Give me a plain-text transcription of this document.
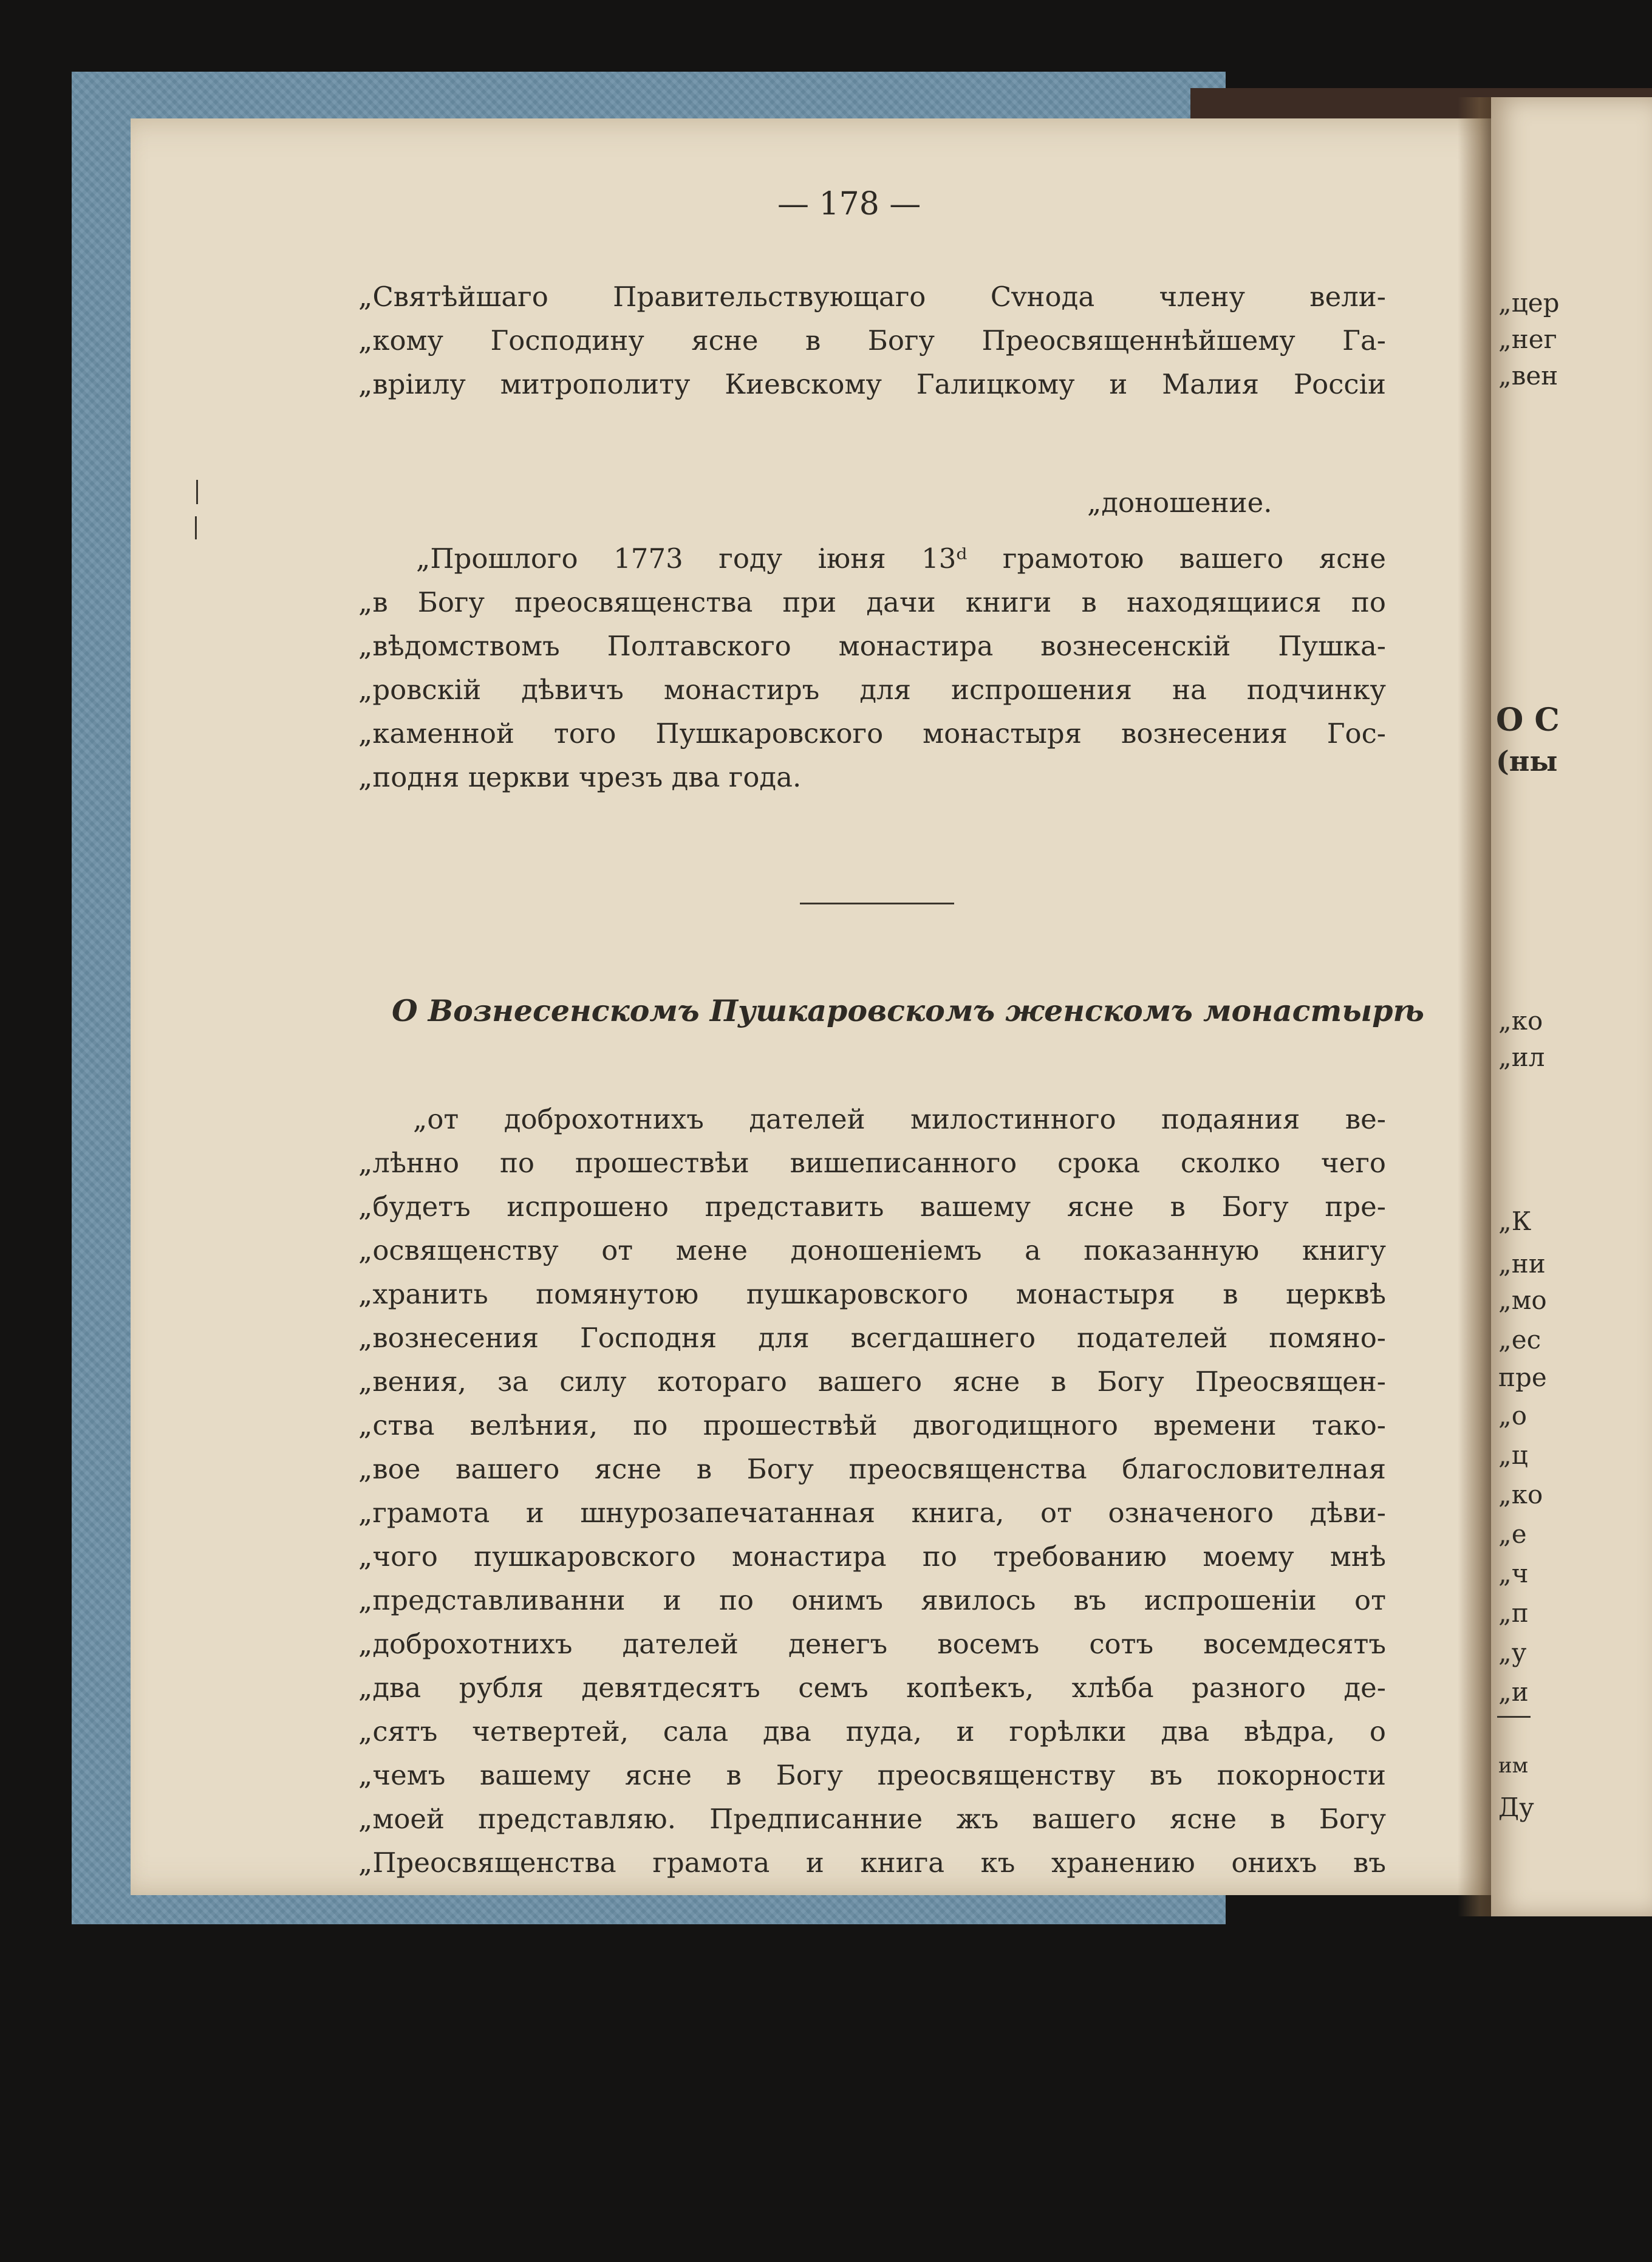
„цер
„нег
„вен
О С
(ны
„ко
„ил
„К
„ни
„мо
„ес
пре
„о
„ц
„ко
„е
„ч
„п
„у
„и
им
Ду
— 178 —
„Святѣйшаго Правительствующаго Сvнода члену вели-
„кому Господину ясне в Богу Преосвященнѣйшему Га-
„вріилу митрополиту Киевскому Галицкому и Малия Россіи
„доношение.
„Прошлого 1773 году іюня 13ᵈ грамотою вашего ясне
„в Богу преосвященства при дачи книги в находящиися по
„вѣдомствомъ Полтавского монастира вознесенскій Пушка-
„ровскій дѣвичъ монастиръ для испрошения на подчинку
„каменной того Пушкаровского монастыря вознесения Гос-
„подня церкви чрезъ два года.
О Вознесенскомъ Пушкаровскомъ женскомъ монастырѣ
„от доброхотнихъ дателей милостинного подаяния ве-
„лѣнно по прошествѣи вишеписанного срока сколко чего
„будетъ испрошено представить вашему ясне в Богу пре-
„освященству от мене доношеніемъ а показанную книгу
„хранить помянутою пушкаровского монастыря в церквѣ
„вознесения Господня для всегдашнего подателей помяно-
„вения, за силу котораго вашего ясне в Богу Преосвящен-
„ства велѣния, по прошествѣй двогодищного времени тако-
„вое вашего ясне в Богу преосвященства благословителная
„грамота и шнурозапечатанная книга, от означеного дѣви-
„чого пушкаровского монастира по требованию моему мнѣ
„представливанни и по онимъ явилось въ испрошеніи от
„доброхотнихъ дателей денегъ восемъ сотъ восемдесятъ
„два рубля девятдесятъ семъ копѣекъ, хлѣба разного де-
„сятъ четвертей, сала два пуда, и горѣлки два вѣдра, о
„чемъ вашему ясне в Богу преосвященству въ покорности
„моей представляю. Предписанние жъ вашего ясне в Богу
„Преосвященства грамота и книга къ хранению онихъ въ
